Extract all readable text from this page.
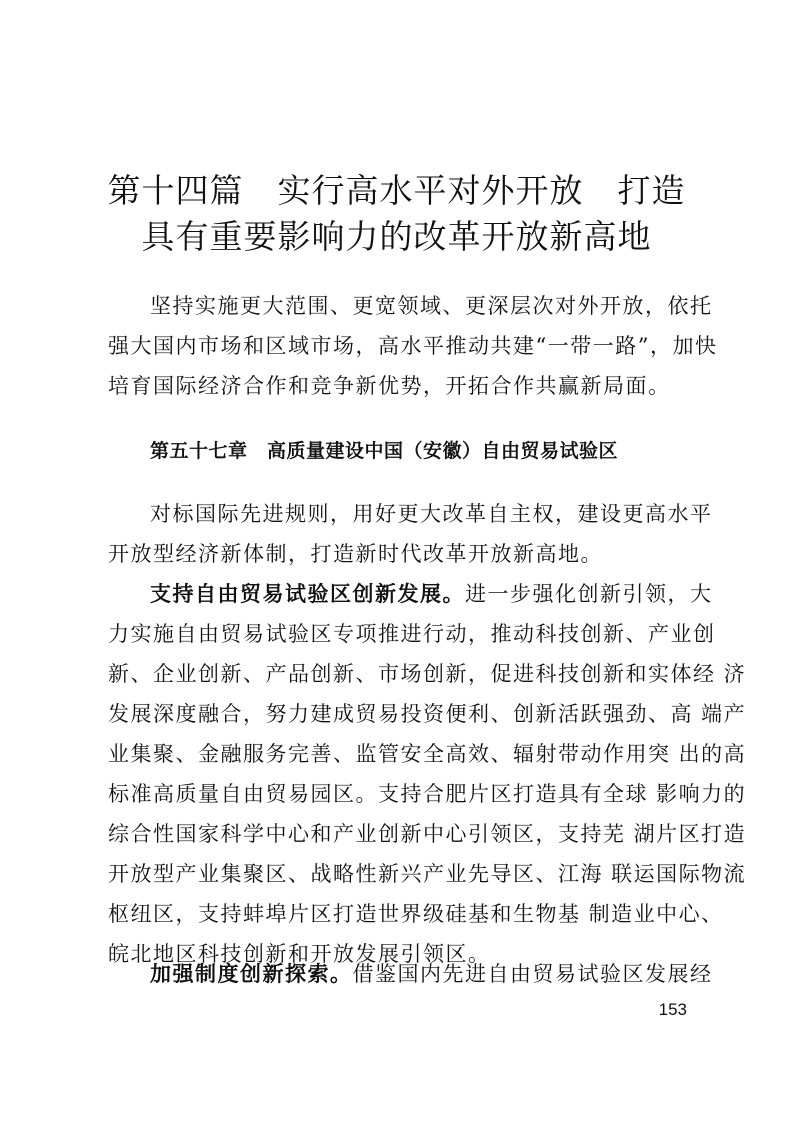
第十四篇　实行高水平对外开放　打造
具有重要影响力的改革开放新高地
坚持实施更大范围、更宽领域、更深层次对外开放，依托
强大国内市场和区域市场，高水平推动共建“一带一路”，加快
培育国际经济合作和竞争新优势，开拓合作共赢新局面。
第五十七章　高质量建设中国（安徽）自由贸易试验区
对标国际先进规则，用好更大改革自主权，建设更高水平
开放型经济新体制，打造新时代改革开放新高地。
支持自由贸易试验区创新发展。进一步强化创新引领，大
力实施自由贸易试验区专项推进行动，推动科技创新、产业创
新、企业创新、产品创新、市场创新，促进科技创新和实体经 济
发展深度融合，努力建成贸易投资便利、创新活跃强劲、高 端产
业集聚、金融服务完善、监管安全高效、辐射带动作用突 出的高
标准高质量自由贸易园区。支持合肥片区打造具有全球 影响力的
综合性国家科学中心和产业创新中心引领区，支持芜 湖片区打造
开放型产业集聚区、战略性新兴产业先导区、江海 联运国际物流
枢纽区，支持蚌埠片区打造世界级硅基和生物基 制造业中心、
皖北地区科技创新和开放发展引领区。
加强制度创新探索。借鉴国内先进自由贸易试验区发展经
153
